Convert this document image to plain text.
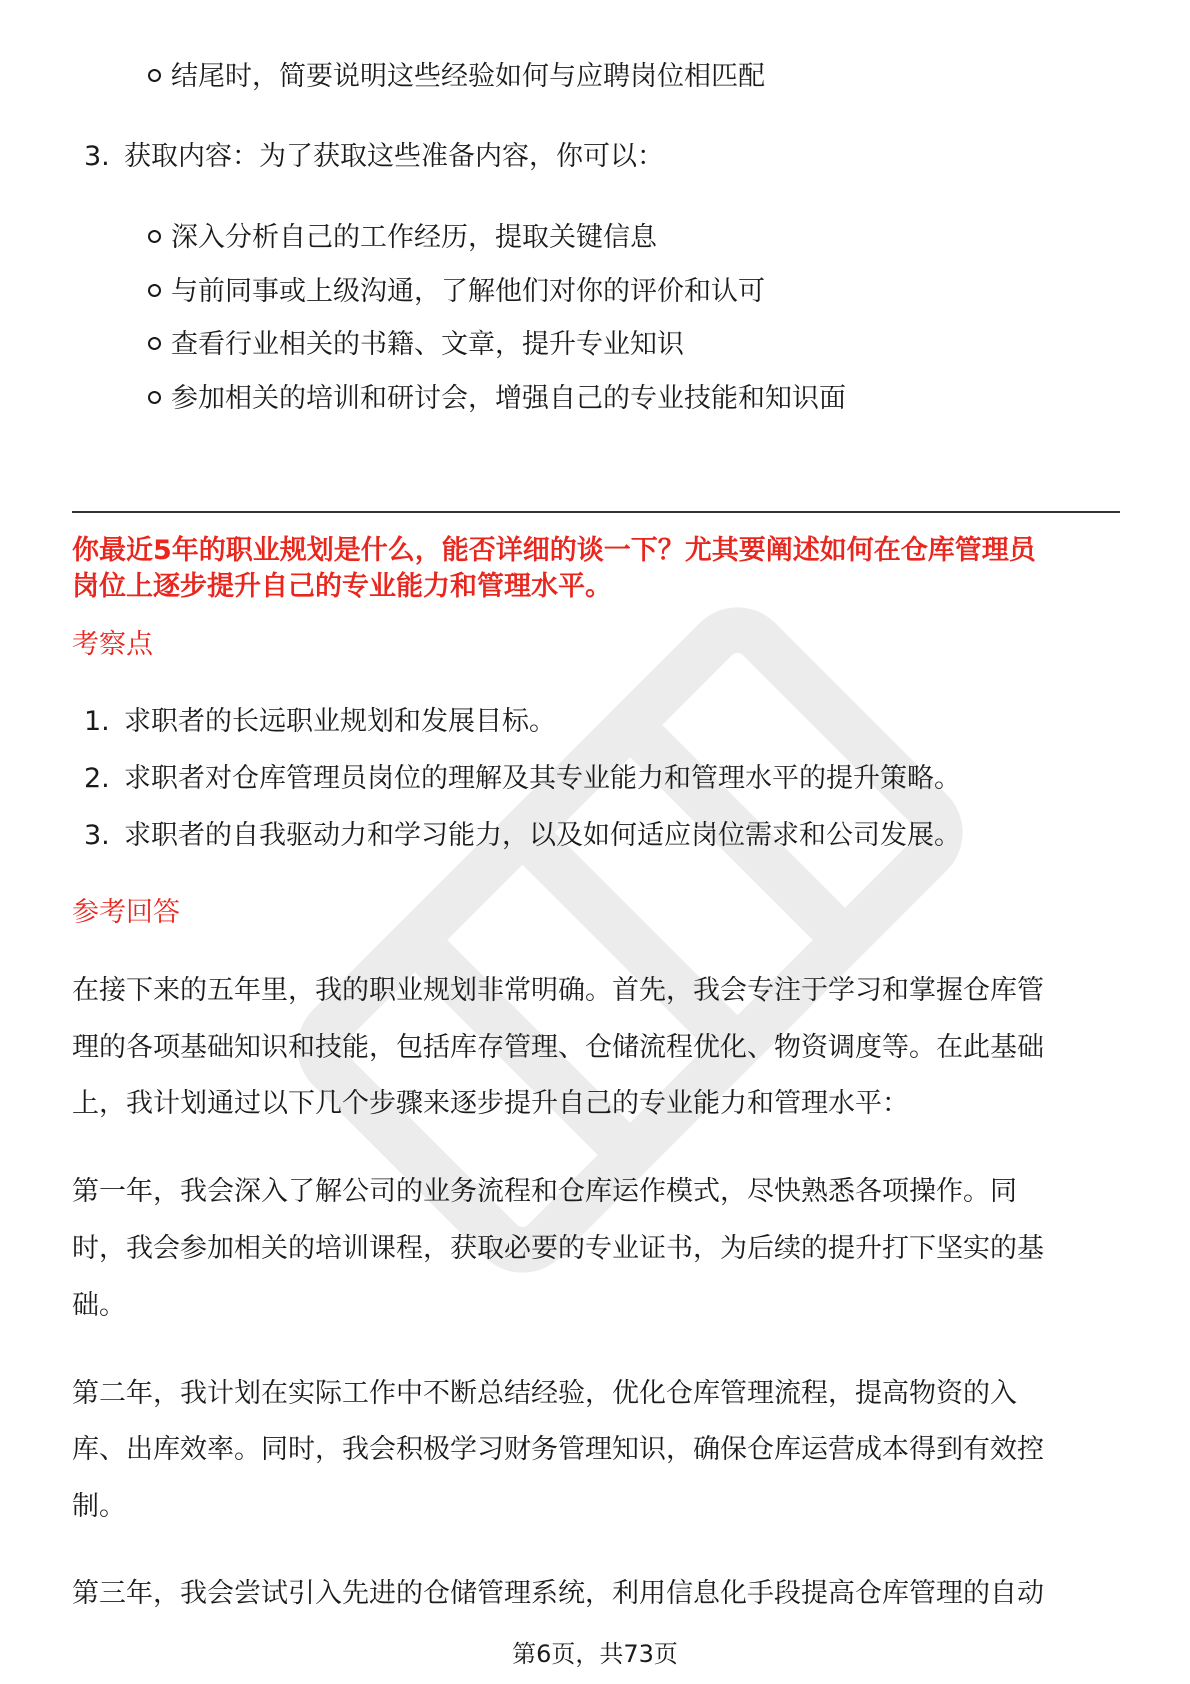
结尾时，简要说明这些经验如何与应聘岗位相匹配
3. 获取内容：为了获取这些准备内容，你可以：
深入分析自己的工作经历，提取关键信息
与前同事或上级沟通，了解他们对你的评价和认可
查看行业相关的书籍、文章，提升专业知识
参加相关的培训和研讨会，增强自己的专业技能和知识面
你最近5年的职业规划是什么，能否详细的谈一下？尤其要阐述如何在仓库管理员
岗位上逐步提升自己的专业能力和管理水平。
考察点
1. 求职者的长远职业规划和发展目标。
2. 求职者对仓库管理员岗位的理解及其专业能力和管理水平的提升策略。
3. 求职者的自我驱动力和学习能力，以及如何适应岗位需求和公司发展。
参考回答
在接下来的五年里，我的职业规划非常明确。首先，我会专注于学习和掌握仓库管
理的各项基础知识和技能，包括库存管理、仓储流程优化、物资调度等。在此基础
上，我计划通过以下几个步骤来逐步提升自己的专业能力和管理水平：
第一年，我会深入了解公司的业务流程和仓库运作模式，尽快熟悉各项操作。同
时，我会参加相关的培训课程，获取必要的专业证书，为后续的提升打下坚实的基
础。
第二年，我计划在实际工作中不断总结经验，优化仓库管理流程，提高物资的入
库、出库效率。同时，我会积极学习财务管理知识，确保仓库运营成本得到有效控
制。
第三年，我会尝试引入先进的仓储管理系统，利用信息化手段提高仓库管理的自动
第6页，共73页
